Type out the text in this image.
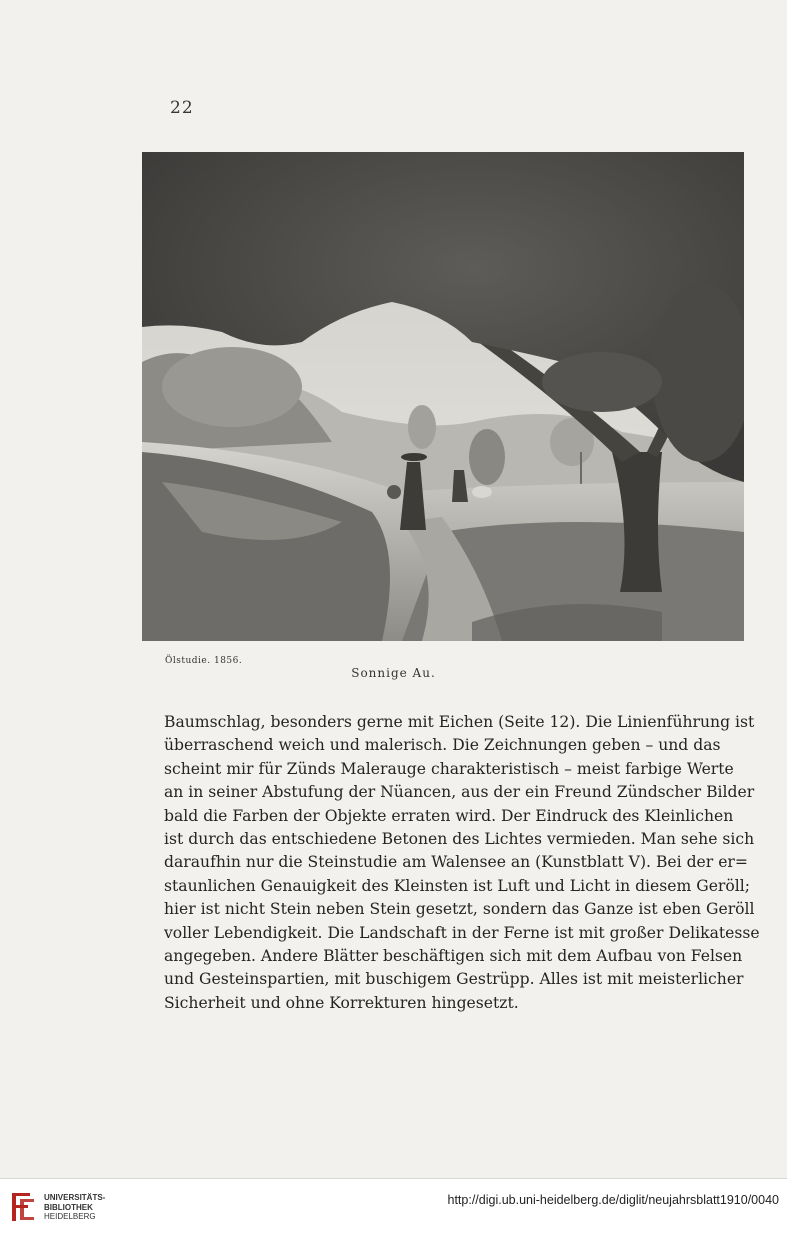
22
Ölstudie. 1856.
Sonnige Au.
Baumschlag, besonders gerne mit Eichen (Seite 12). Die Linienführung ist
überraschend weich und malerisch. Die Zeichnungen geben – und das
scheint mir für Zünds Malerauge charakteristisch – meist farbige Werte
an in seiner Abstufung der Nüancen, aus der ein Freund Zündscher Bilder
bald die Farben der Objekte erraten wird. Der Eindruck des Kleinlichen
ist durch das entschiedene Betonen des Lichtes vermieden. Man sehe sich
daraufhin nur die Steinstudie am Walensee an (Kunstblatt V). Bei der er=
staunlichen Genauigkeit des Kleinsten ist Luft und Licht in diesem Geröll;
hier ist nicht Stein neben Stein gesetzt, sondern das Ganze ist eben Geröll
voller Lebendigkeit. Die Landschaft in der Ferne ist mit großer Delikatesse
angegeben. Andere Blätter beschäftigen sich mit dem Aufbau von Felsen
und Gesteinspartien, mit buschigem Gestrüpp. Alles ist mit meisterlicher
Sicherheit und ohne Korrekturen hingesetzt.
UNIVERSITÄTS-
BIBLIOTHEK
HEIDELBERG
http://digi.ub.uni-heidelberg.de/diglit/neujahrsblatt1910/0040
